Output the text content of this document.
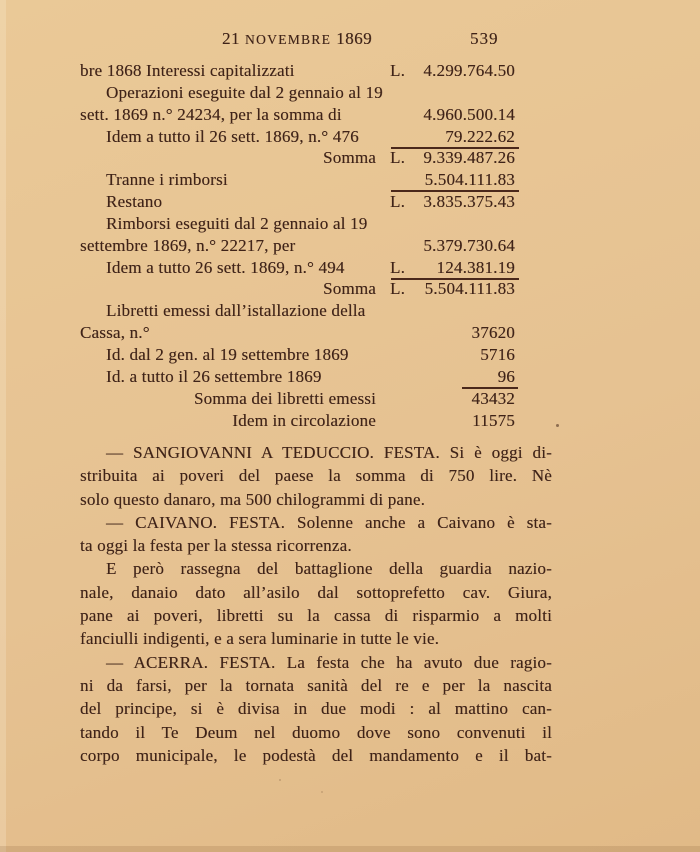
21 NOVEMBRE 1869	539
bre 1868 Interessi capitalizzati	L. 4.299.764.50
Operazioni eseguite dal 2 gennaio al 19
sett. 1869 n.° 24234, per la somma di	4.960.500.14
Idem a tutto il 26 sett. 1869, n.° 476	79.222.62
Somma L. 9.339.487.26
Tranne i rimborsi	5.504.111.83
Restano	L. 3.835.375.43
Rimborsi eseguiti dal 2 gennaio al 19
settembre 1869, n.° 22217, per	5.379.730.64
Idem a tutto 26 sett. 1869, n.° 494	L. 124.381.19
Somma L. 5.504.111.83
Libretti emessi dall’istallazione della
Cassa, n.°	37620
Id. dal 2 gen. al 19 settembre 1869	5716
Id. a tutto il 26 settembre 1869	96
Somma dei libretti emessi	43432
Idem in circolazione	11575
— SANGIOVANNI A TEDUCCIO. FESTA. Si è oggi di-
stribuita ai poveri del paese la somma di 750 lire. Nè
solo questo danaro, ma 500 chilogrammi di pane.
— CAIVANO. FESTA. Solenne anche a Caivano è sta-
ta oggi la festa per la stessa ricorrenza.
E però rassegna del battaglione della guardia nazio-
nale, danaio dato all’asilo dal sottoprefetto cav. Giura,
pane ai poveri, libretti su la cassa di risparmio a molti
fanciulli indigenti, e a sera luminarie in tutte le vie.
— ACERRA. FESTA. La festa che ha avuto due ragio-
ni da farsi, per la tornata sanità del re e per la nascita
del principe, si è divisa in due modi : al mattino can-
tando il Te Deum nel duomo dove sono convenuti il
corpo municipale, le podestà del mandamento e il bat-
